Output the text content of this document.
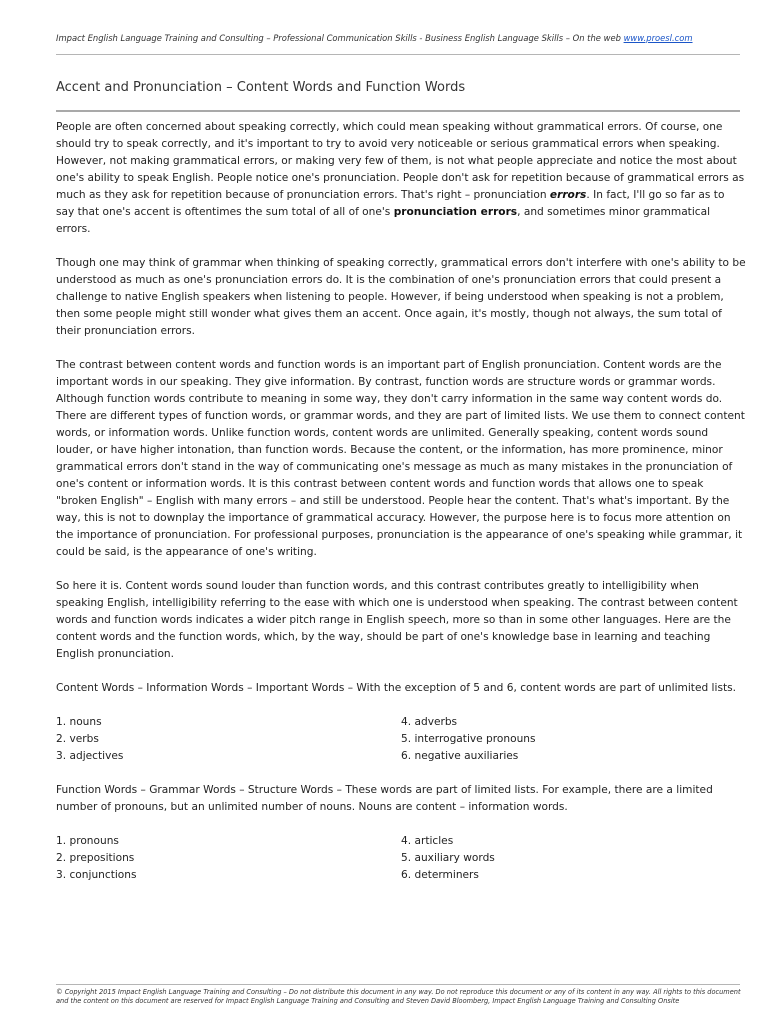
Impact English Language Training and Consulting – Professional Communication Skills - Business English Language Skills – On the web www.proesl.com
Accent and Pronunciation – Content Words and Function Words

People are often concerned about speaking correctly, which could mean speaking without grammatical errors. Of course, one should try to speak correctly, and it's important to try to avoid very noticeable or serious grammatical errors when speaking. However, not making grammatical errors, or making very few of them, is not what people appreciate and notice the most about one's ability to speak English. People notice one's pronunciation. People don't ask for repetition because of grammatical errors as much as they ask for repetition because of pronunciation errors. That's right – pronunciation errors. In fact, I'll go so far as to say that one's accent is oftentimes the sum total of all of one's pronunciation errors, and sometimes minor grammatical errors.

Though one may think of grammar when thinking of speaking correctly, grammatical errors don't interfere with one's ability to be understood as much as one's pronunciation errors do. It is the combination of one's pronunciation errors that could present a challenge to native English speakers when listening to people. However, if being understood when speaking is not a problem, then some people might still wonder what gives them an accent. Once again, it's mostly, though not always, the sum total of their pronunciation errors.

The contrast between content words and function words is an important part of English pronunciation. Content words are the important words in our speaking. They give information. By contrast, function words are structure words or grammar words. Although function words contribute to meaning in some way, they don't carry information in the same way content words do. There are different types of function words, or grammar words, and they are part of limited lists. We use them to connect content words, or information words. Unlike function words, content words are unlimited. Generally speaking, content words sound louder, or have higher intonation, than function words. Because the content, or the information, has more prominence, minor grammatical errors don't stand in the way of communicating one's message as much as many mistakes in the pronunciation of one's content or information words. It is this contrast between content words and function words that allows one to speak "broken English" – English with many errors – and still be understood. People hear the content. That's what's important. By the way, this is not to downplay the importance of grammatical accuracy. However, the purpose here is to focus more attention on the importance of pronunciation. For professional purposes, pronunciation is the appearance of one's speaking while grammar, it could be said, is the appearance of one's writing.

So here it is. Content words sound louder than function words, and this contrast contributes greatly to intelligibility when speaking English, intelligibility referring to the ease with which one is understood when speaking. The contrast between content words and function words indicates a wider pitch range in English speech, more so than in some other languages. Here are the content words and the function words, which, by the way, should be part of one's knowledge base in learning and teaching English pronunciation.

Content Words – Information Words – Important Words – With the exception of 5 and 6, content words are part of unlimited lists.

1. nouns
2. verbs
3. adjectives
4. adverbs
5. interrogative pronouns
6. negative auxiliaries

Function Words – Grammar Words – Structure Words – These words are part of limited lists. For example, there are a limited number of pronouns, but an unlimited number of nouns. Nouns are content – information words.

1. pronouns
2. prepositions
3. conjunctions
4. articles
5. auxiliary words
6. determiners
© Copyright 2015 Impact English Language Training and Consulting – Do not distribute this document in any way. Do not reproduce this document or any of its content in any way. All rights to this document and the content on this document are reserved for Impact English Language Training and Consulting and Steven David Bloomberg, Impact English Language Training and Consulting Onsite
